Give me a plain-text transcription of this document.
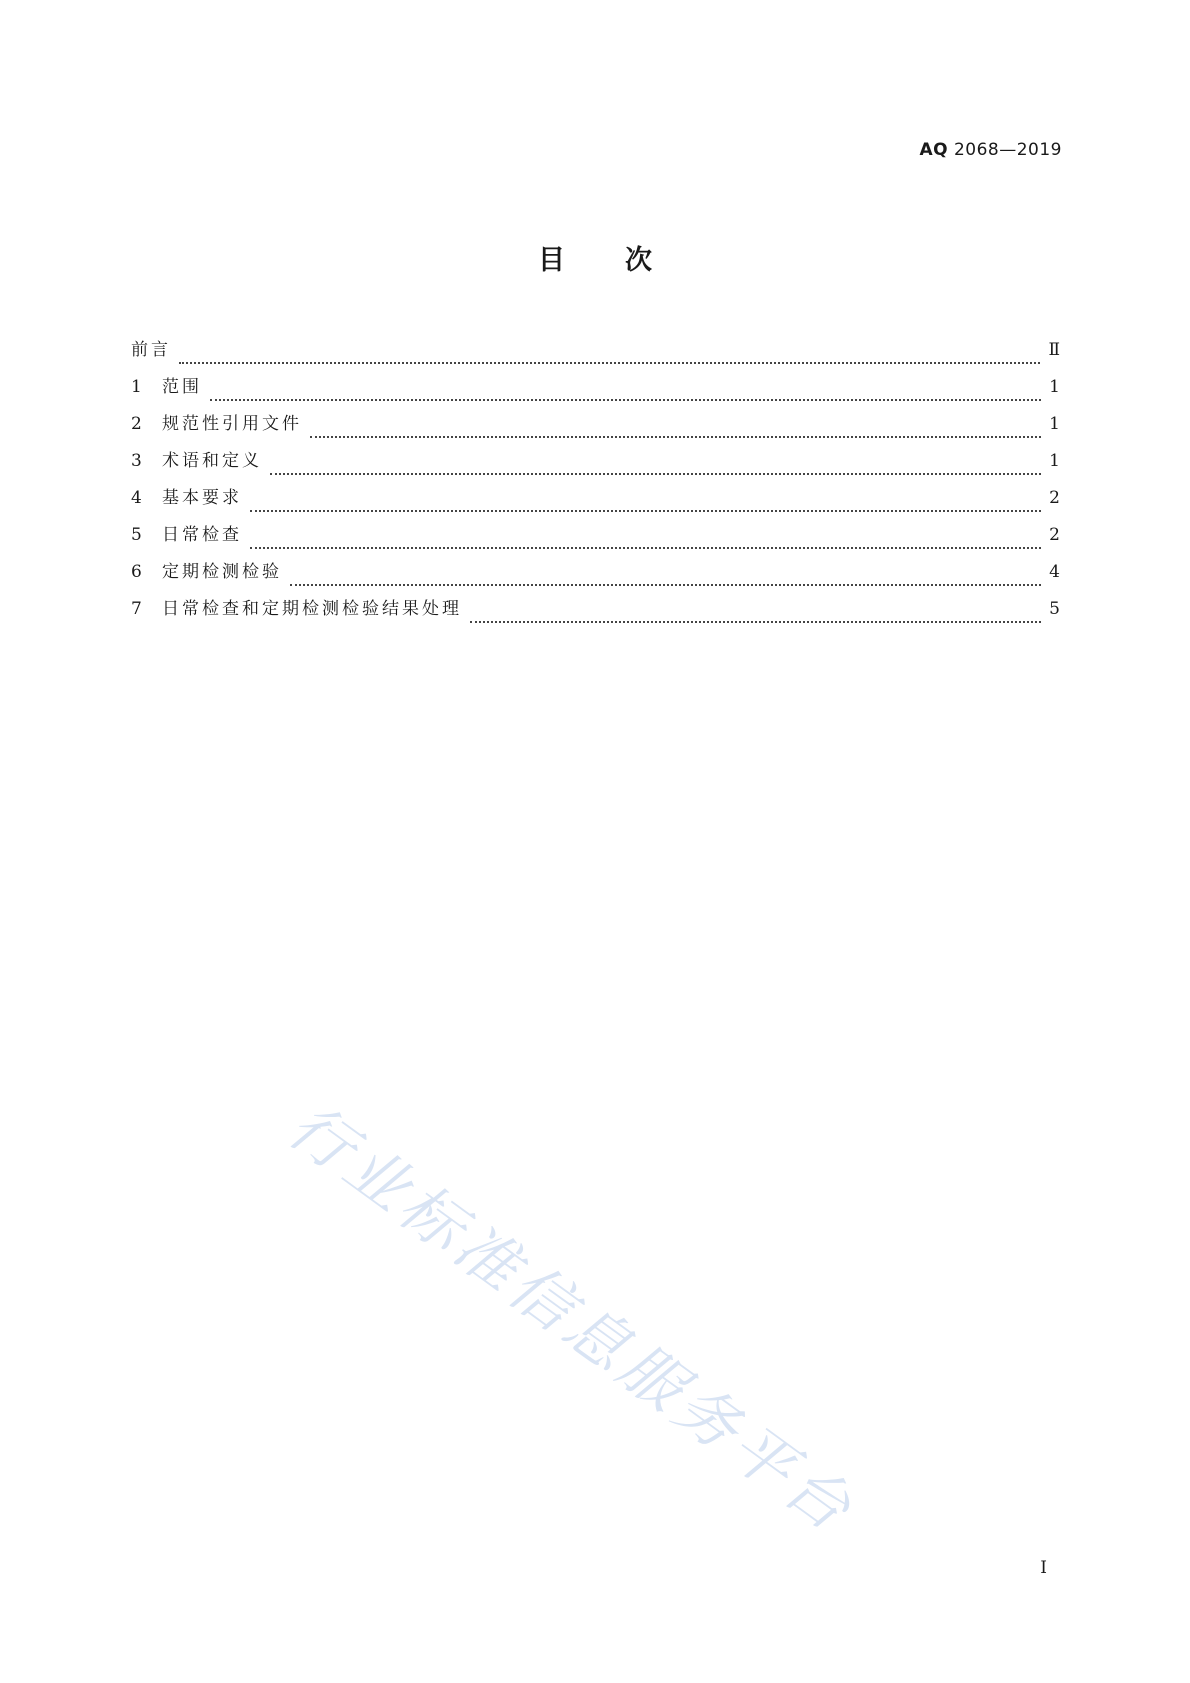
AQ 2068—2019
目次
前言	Ⅱ
1	范围	1
2	规范性引用文件	1
3	术语和定义	1
4	基本要求	2
5	日常检查	2
6	定期检测检验	4
7	日常检查和定期检测检验结果处理	5
行业标准信息服务平台
I
